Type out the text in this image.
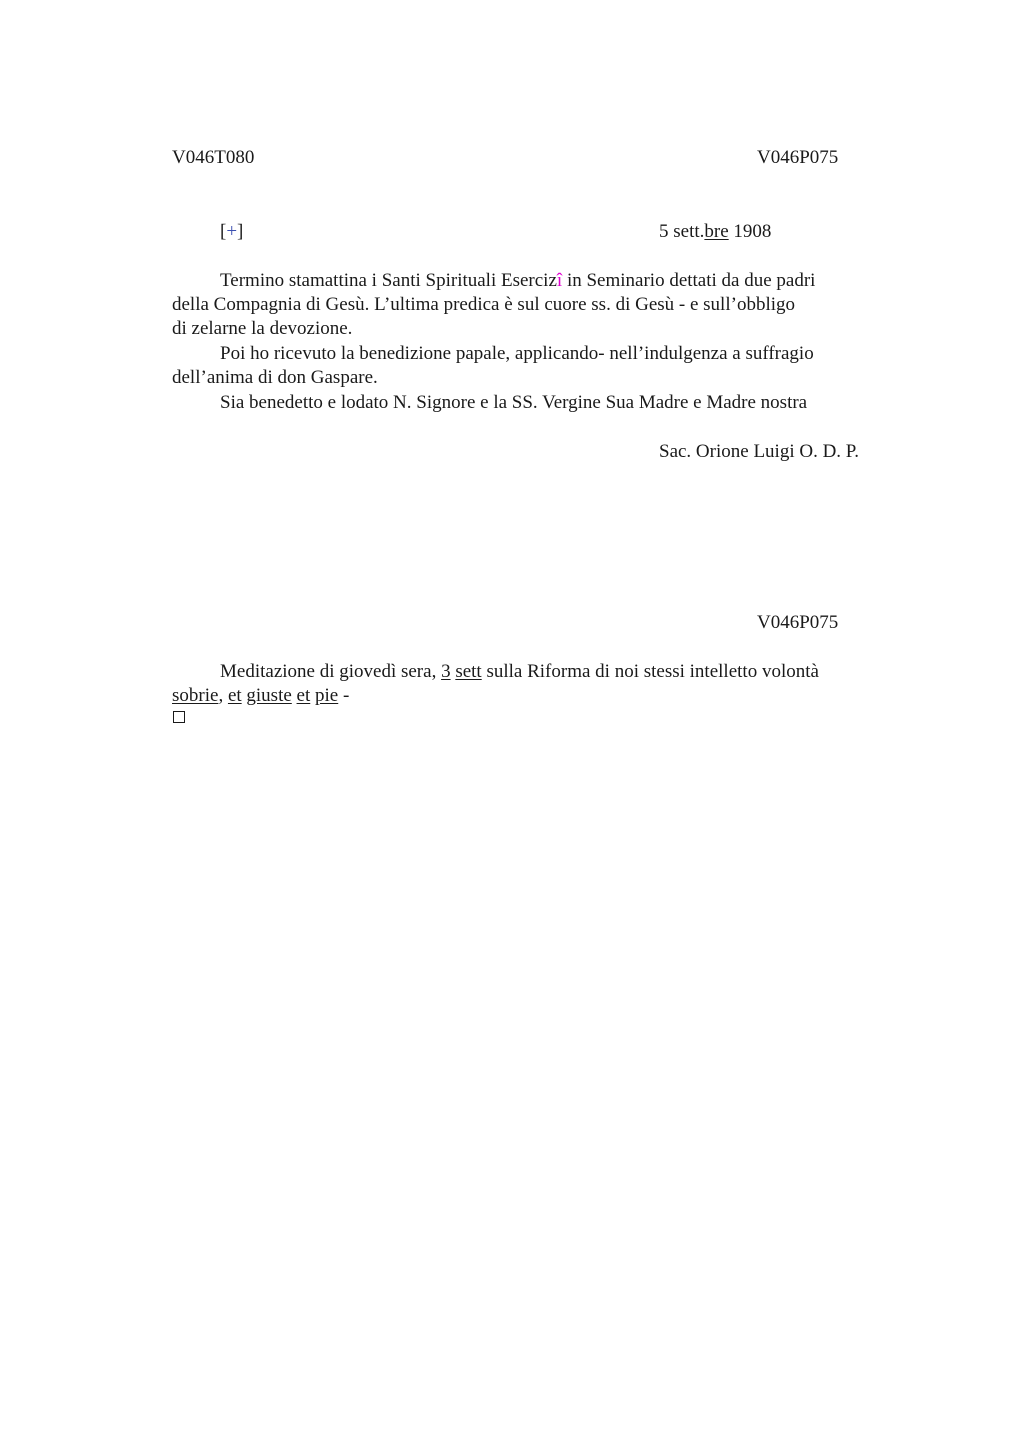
V046T080	V046P075
[+]	5 sett.bre 1908
Termino stamattina i Santi Spirituali Esercizî in Seminario dettati da due padri
della Compagnia di Gesù. L’ultima predica è sul cuore ss. di Gesù - e sull’obbligo
di zelarne la devozione.
Poi ho ricevuto la benedizione papale, applicando- nell’indulgenza a suffragio
dell’anima di don Gaspare.
Sia benedetto e lodato N. Signore e la SS. Vergine Sua Madre e Madre nostra
Sac. Orione Luigi O. D. P.
V046P075
Meditazione di giovedì sera, 3 sett sulla Riforma di noi stessi intelletto volontà
sobrie, et giuste et pie -
